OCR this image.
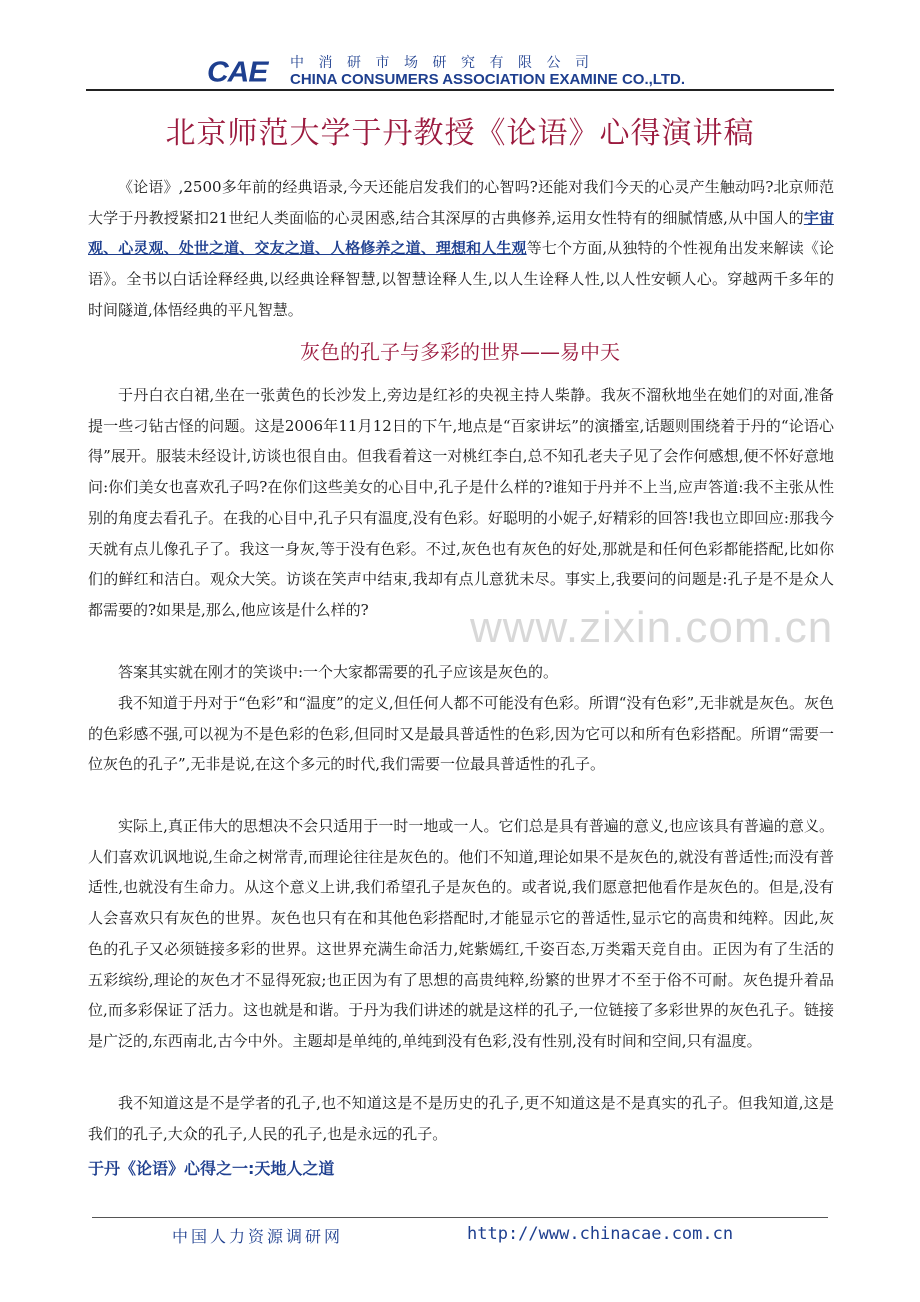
CAE 中消研市场研究有限公司
CHINA CONSUMERS ASSOCIATION EXAMINE CO.,LTD.
北京师范大学于丹教授《论语》心得演讲稿

《论语》,2500多年前的经典语录,今天还能启发我们的心智吗?还能对我们今天的心灵产生触动吗?北京师范大学于丹教授紧扣21世纪人类面临的心灵困惑,结合其深厚的古典修养,运用女性特有的细腻情感,从中国人的宇宙观、心灵观、处世之道、交友之道、人格修养之道、理想和人生观等七个方面,从独特的个性视角出发来解读《论语》。全书以白话诠释经典,以经典诠释智慧,以智慧诠释人生,以人生诠释人性,以人性安顿人心。穿越两千多年的时间隧道,体悟经典的平凡智慧。

灰色的孔子与多彩的世界——易中天

于丹白衣白裙,坐在一张黄色的长沙发上,旁边是红衫的央视主持人柴静。我灰不溜秋地坐在她们的对面,准备提一些刁钻古怪的问题。这是2006年11月12日的下午,地点是“百家讲坛”的演播室,话题则围绕着于丹的“论语心得”展开。服装未经设计,访谈也很自由。但我看着这一对桃红李白,总不知孔老夫子见了会作何感想,便不怀好意地问:你们美女也喜欢孔子吗?在你们这些美女的心目中,孔子是什么样的?谁知于丹并不上当,应声答道:我不主张从性别的角度去看孔子。在我的心目中,孔子只有温度,没有色彩。好聪明的小妮子,好精彩的回答!我也立即回应:那我今天就有点儿像孔子了。我这一身灰,等于没有色彩。不过,灰色也有灰色的好处,那就是和任何色彩都能搭配,比如你们的鲜红和洁白。观众大笑。访谈在笑声中结束,我却有点儿意犹未尽。事实上,我要问的问题是:孔子是不是众人都需要的?如果是,那么,他应该是什么样的?

答案其实就在刚才的笑谈中:一个大家都需要的孔子应该是灰色的。

我不知道于丹对于“色彩”和“温度”的定义,但任何人都不可能没有色彩。所谓“没有色彩”,无非就是灰色。灰色的色彩感不强,可以视为不是色彩的色彩,但同时又是最具普适性的色彩,因为它可以和所有色彩搭配。所谓“需要一位灰色的孔子”,无非是说,在这个多元的时代,我们需要一位最具普适性的孔子。

实际上,真正伟大的思想决不会只适用于一时一地或一人。它们总是具有普遍的意义,也应该具有普遍的意义。人们喜欢讥讽地说,生命之树常青,而理论往往是灰色的。他们不知道,理论如果不是灰色的,就没有普适性;而没有普适性,也就没有生命力。从这个意义上讲,我们希望孔子是灰色的。或者说,我们愿意把他看作是灰色的。但是,没有人会喜欢只有灰色的世界。灰色也只有在和其他色彩搭配时,才能显示它的普适性,显示它的高贵和纯粹。因此,灰色的孔子又必须链接多彩的世界。这世界充满生命活力,姹紫嫣红,千姿百态,万类霜天竞自由。正因为有了生活的五彩缤纷,理论的灰色才不显得死寂;也正因为有了思想的高贵纯粹,纷繁的世界才不至于俗不可耐。灰色提升着品位,而多彩保证了活力。这也就是和谐。于丹为我们讲述的就是这样的孔子,一位链接了多彩世界的灰色孔子。链接是广泛的,东西南北,古今中外。主题却是单纯的,单纯到没有色彩,没有性别,没有时间和空间,只有温度。

我不知道这是不是学者的孔子,也不知道这是不是历史的孔子,更不知道这是不是真实的孔子。但我知道,这是我们的孔子,大众的孔子,人民的孔子,也是永远的孔子。

www.zixin.com.cn
于丹《论语》心得之一:天地人之道
中国人力资源调研网	http://www.chinacae.com.cn
